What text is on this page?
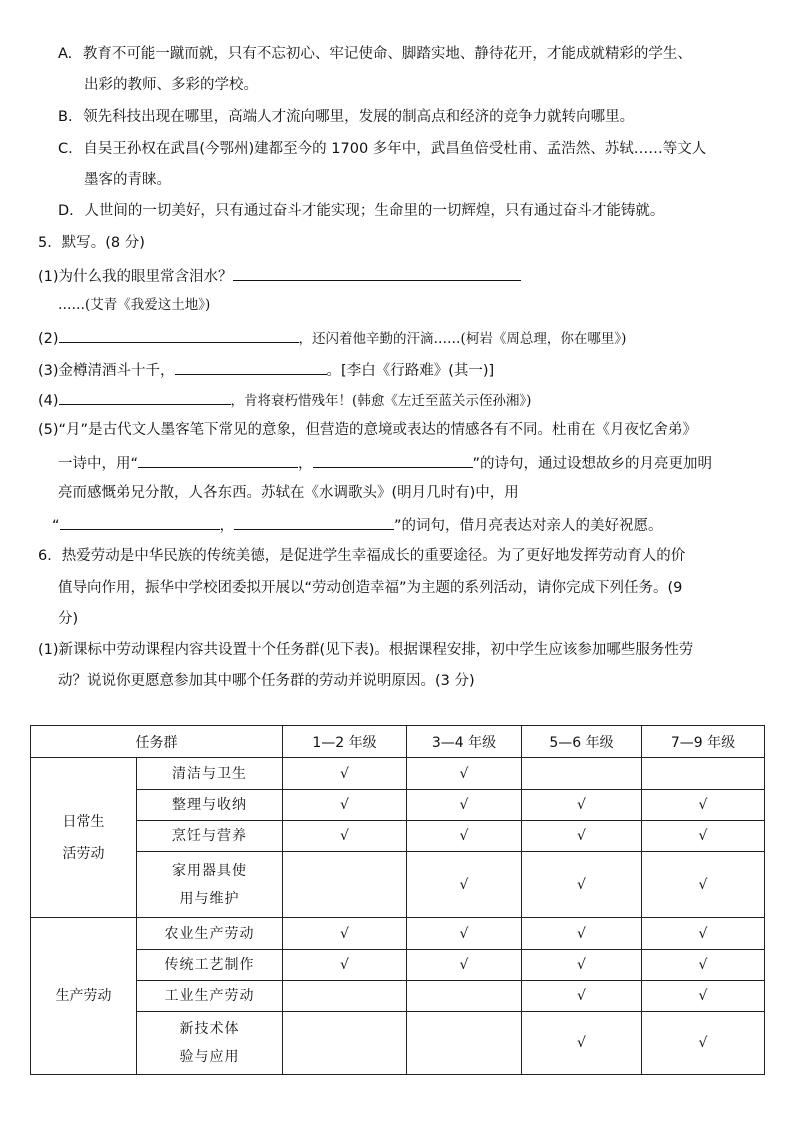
A. 教育不可能一蹴而就，只有不忘初心、牢记使命、脚踏实地、静待花开，才能成就精彩的学生、
出彩的教师、多彩的学校。
B. 领先科技出现在哪里，高端人才流向哪里，发展的制高点和经济的竞争力就转向哪里。
C. 自吴王孙权在武昌(今鄂州)建都至今的 1700 多年中，武昌鱼倍受杜甫、孟浩然、苏轼……等文人
墨客的青睐。
D. 人世间的一切美好，只有通过奋斗才能实现；生命里的一切辉煌，只有通过奋斗才能铸就。
5．默写。(8 分)
(1)为什么我的眼里常含泪水？
……(艾青《我爱这土地》)
(2)	，还闪着他辛勤的汗滴……(柯岩《周总理，你在哪里》)
(3)金樽清酒斗十千，	。[李白《行路难》(其一)]
(4)	，肯将衰朽惜残年！(韩愈《左迁至蓝关示侄孙湘》)
(5)“月”是古代文人墨客笔下常见的意象，但营造的意境或表达的情感各有不同。杜甫在《月夜忆舍弟》
一诗中，用“	，	”的诗句，通过设想故乡的月亮更加明
亮而感慨弟兄分散，人各东西。苏轼在《水调歌头》(明月几时有)中，用
“	，	”的词句，借月亮表达对亲人的美好祝愿。
6．热爱劳动是中华民族的传统美德，是促进学生幸福成长的重要途径。为了更好地发挥劳动育人的价
值导向作用，振华中学校团委拟开展以“劳动创造幸福”为主题的系列活动，请你完成下列任务。(9
分)
(1)新课标中劳动课程内容共设置十个任务群(见下表)。根据课程安排，初中学生应该参加哪些服务性劳
动？说说你更愿意参加其中哪个任务群的劳动并说明原因。(3 分)
任务群		1—2 年级	3—4 年级	5—6 年级	7—9 年级

日常生
活劳动	清洁与卫生	√	√		
	整理与收纳	√	√	√	√
	烹饪与营养	√	√	√	√

	家用器具使
用与维护		√	√	√

生产劳动	农业生产劳动	√	√	√	√
	传统工艺制作	√	√	√	√
	工业生产劳动			√	√

	新技术体
验与应用			√	√
